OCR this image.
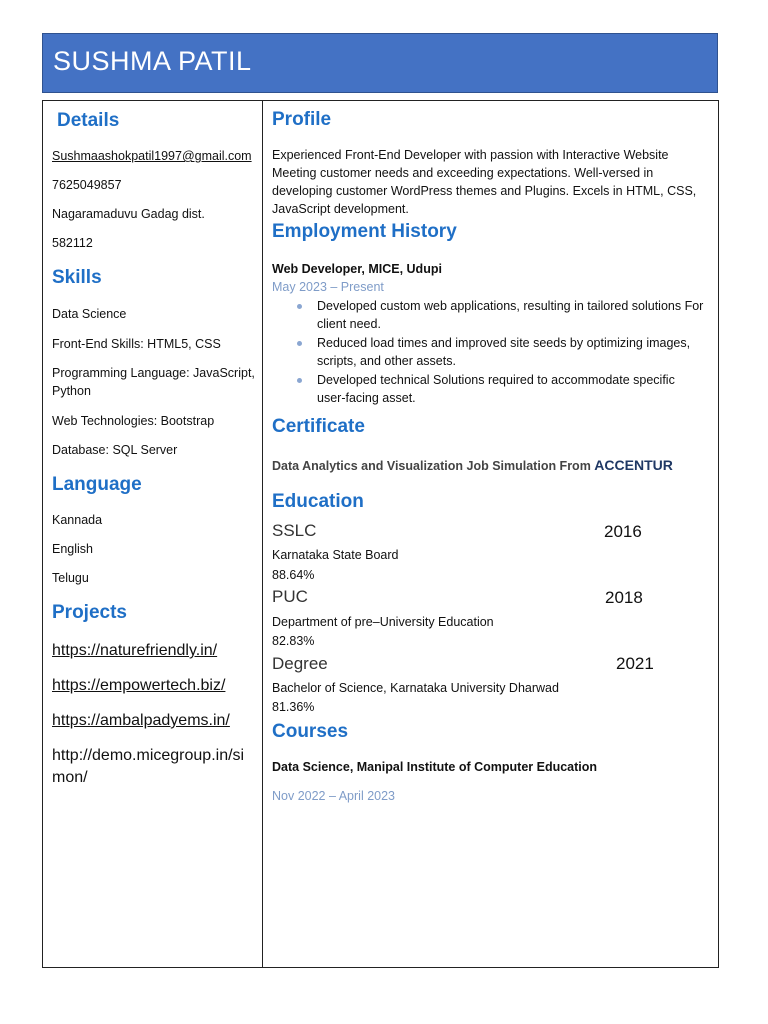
SUSHMA PATIL
Details
Sushmaashokpatil1997@gmail.com
7625049857
Nagaramaduvu Gadag dist.
582112
Skills
Data Science
Front-End Skills: HTML5, CSS
Programming Language: JavaScript, Python
Web Technologies: Bootstrap
Database: SQL Server
Language
Kannada
English
Telugu
Projects
https://naturefriendly.in/
https://empowertech.biz/
https://ambalpadyems.in/
http://demo.micegroup.in/simon/
Profile
Experienced Front-End Developer with passion with Interactive Website Meeting customer needs and exceeding expectations. Well-versed in developing customer WordPress themes and Plugins. Excels in HTML, CSS, JavaScript development.
Employment History
Web Developer, MICE, Udupi
May 2023 – Present
Developed custom web applications, resulting in tailored solutions For client need.
Reduced load times and improved site seeds by optimizing images, scripts, and other assets.
Developed technical Solutions required to accommodate specific user-facing asset.
Certificate
Data Analytics and Visualization Job Simulation From ACCENTUR
Education
SSLC	2016
Karnataka State Board
88.64%
PUC	2018
Department of pre–University Education
82.83%
Degree	2021
Bachelor of Science, Karnataka University Dharwad
81.36%
Courses
Data Science, Manipal Institute of Computer Education
Nov 2022 – April 2023
